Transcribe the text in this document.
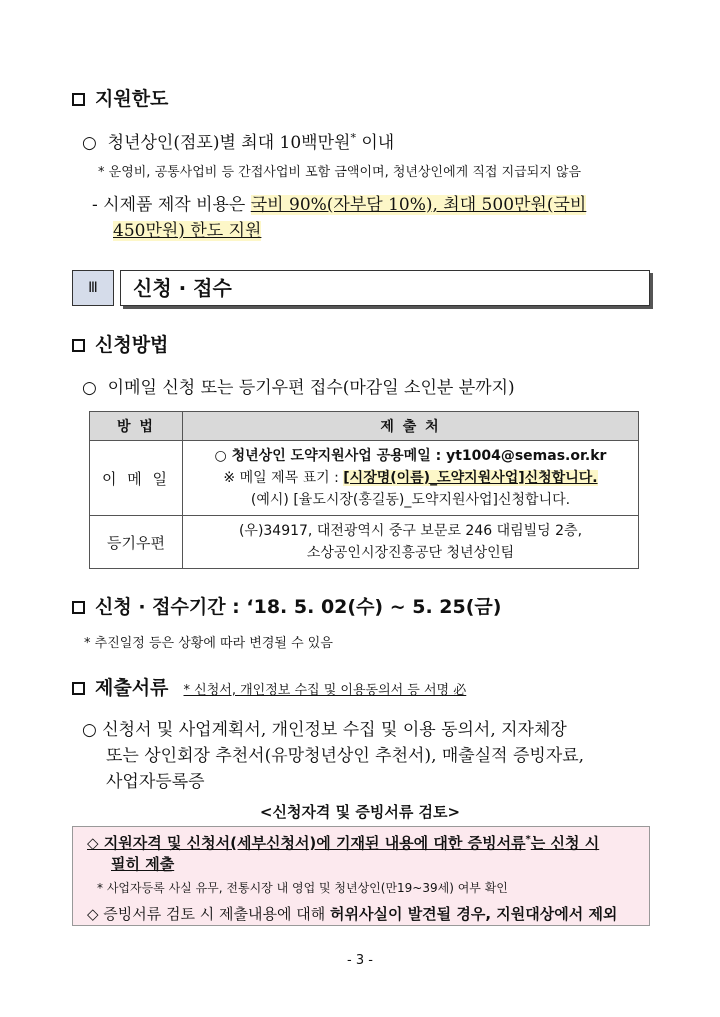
지원한도
○ 청년상인(점포)별 최대 10백만원* 이내
* 운영비, 공통사업비 등 간접사업비 포함 금액이며, 청년상인에게 직접 지급되지 않음
- 시제품 제작 비용은 국비 90%(자부담 10%), 최대 500만원(국비
450만원) 한도 지원
Ⅲ	신청 · 접수
신청방법
○ 이메일 신청 또는 등기우편 접수(마감일 소인분 분까지)
방 법	제 출 처
이 메 일	○ 청년상인 도약지원사업 공용메일 : yt1004@semas.or.kr
※ 메일 제목 표기 : [시장명(이름)_도약지원사업]신청합니다.
(예시) [율도시장(홍길동)_도약지원사업]신청합니다.

등기우편	(우)34917, 대전광역시 중구 보문로 246 대림빌딩 2층,
소상공인시장진흥공단 청년상인팀
신청 · 접수기간 : ‘18. 5. 02(수) ~ 5. 25(금)
* 추진일정 등은 상황에 따라 변경될 수 있음
제출서류 * 신청서, 개인정보 수집 및 이용동의서 등 서명 必
○ 신청서 및 사업계획서, 개인정보 수집 및 이용 동의서, 지자체장
또는 상인회장 추천서(유망청년상인 추천서), 매출실적 증빙자료,
사업자등록증
<신청자격 및 증빙서류 검토>
◇ 지원자격 및 신청서(세부신청서)에 기재된 내용에 대한 증빙서류*는 신청 시
필히 제출
* 사업자등록 사실 유무, 전통시장 내 영업 및 청년상인(만19~39세) 여부 확인
◇ 증빙서류 검토 시 제출내용에 대해 허위사실이 발견될 경우, 지원대상에서 제외
- 3 -
